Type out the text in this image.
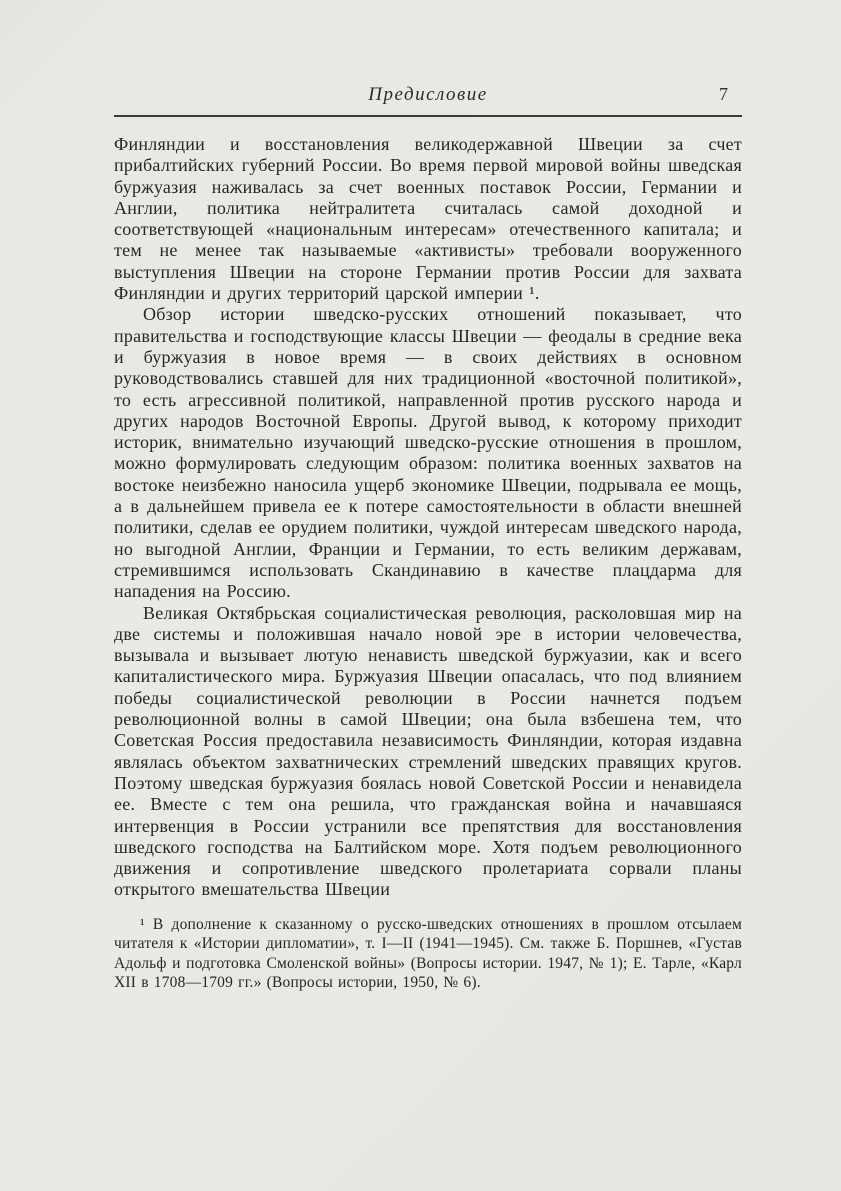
Предисловие	7

Финляндии и восстановления великодержавной Швеции за счет прибалтийских губерний России. Во время первой мировой войны шведская буржуазия наживалась за счет военных поставок России, Германии и Англии, политика нейтралитета считалась самой доходной и соответствующей «национальным интересам» отечественного капитала; и тем не менее так называемые «активисты» требовали вооруженного выступления Швеции на стороне Германии против России для захвата Финляндии и других территорий царской империи ¹.

Обзор истории шведско-русских отношений показывает, что правительства и господствующие классы Швеции — феодалы в средние века и буржуазия в новое время — в своих действиях в основном руководствовались ставшей для них традиционной «восточной политикой», то есть агрессивной политикой, направленной против русского народа и других народов Восточной Европы. Другой вывод, к которому приходит историк, внимательно изучающий шведско-русские отношения в прошлом, можно формулировать следующим образом: политика военных захватов на востоке неизбежно наносила ущерб экономике Швеции, подрывала ее мощь, а в дальнейшем привела ее к потере самостоятельности в области внешней политики, сделав ее орудием политики, чуждой интересам шведского народа, но выгодной Англии, Франции и Германии, то есть великим державам, стремившимся использовать Скандинавию в качестве плацдарма для нападения на Россию.

Великая Октябрьская социалистическая революция, расколовшая мир на две системы и положившая начало новой эре в истории человечества, вызывала и вызывает лютую ненависть шведской буржуазии, как и всего капиталистического мира. Буржуазия Швеции опасалась, что под влиянием победы социалистической революции в России начнется подъем революционной волны в самой Швеции; она была взбешена тем, что Советская Россия предоставила независимость Финляндии, которая издавна являлась объектом захватнических стремлений шведских правящих кругов. Поэтому шведская буржуазия боялась новой Советской России и ненавидела ее. Вместе с тем она решила, что гражданская война и начавшаяся интервенция в России устранили все препятствия для восстановления шведского господства на Балтийском море. Хотя подъем революционного движения и сопротивление шведского пролетариата сорвали планы открытого вмешательства Швеции

¹ В дополнение к сказанному о русско-шведских отношениях в прошлом отсылаем читателя к «Истории дипломатии», т. I—II (1941—1945). См. также Б. Поршнев, «Густав Адольф и подготовка Смоленской войны» (Вопросы истории. 1947, № 1); Е. Тарле, «Карл XII в 1708—1709 гг.» (Вопросы истории, 1950, № 6).
